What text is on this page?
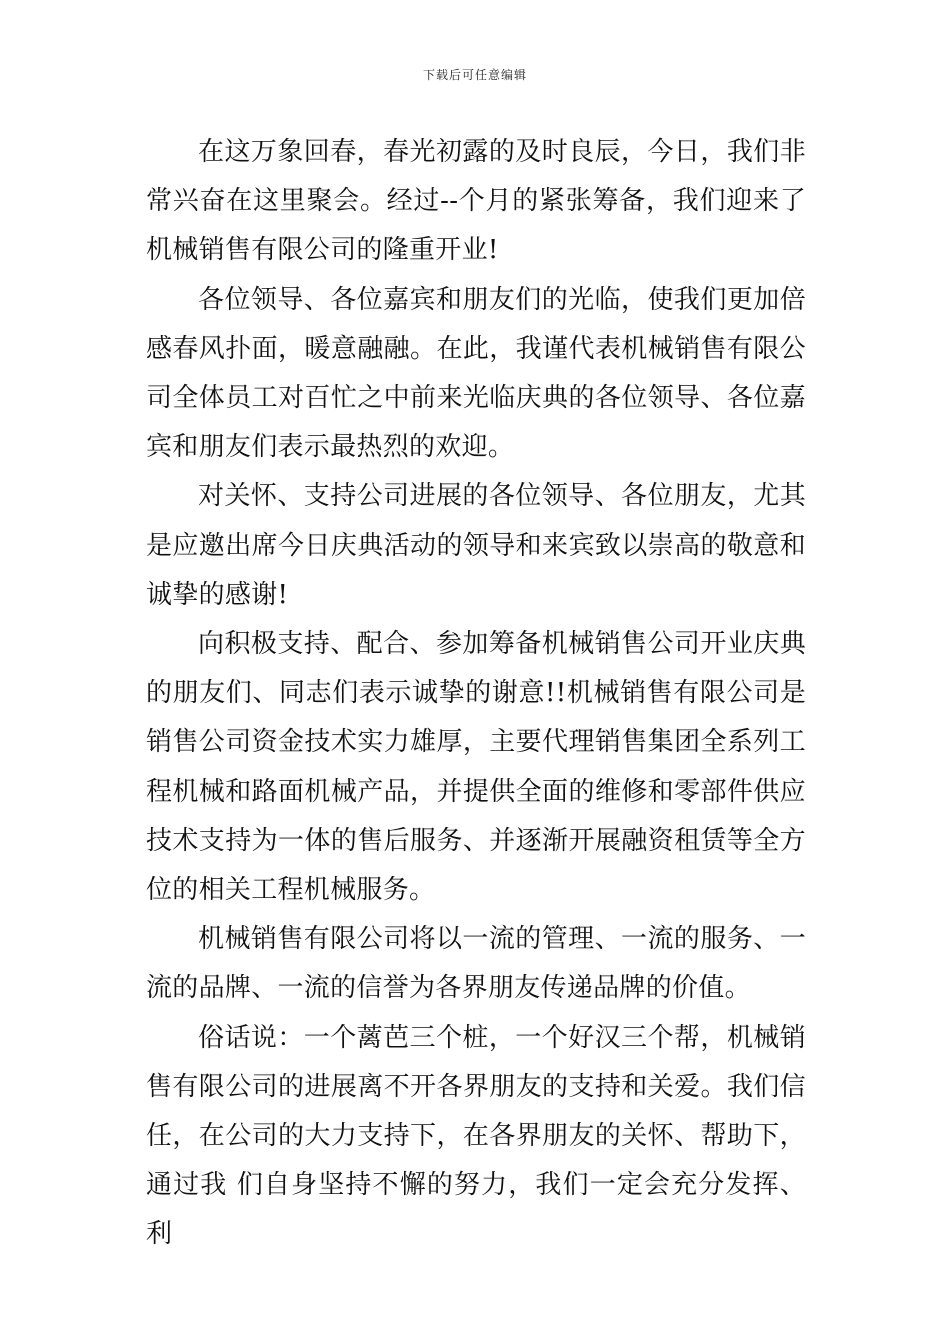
下载后可任意编辑

在这万象回春，春光初露的及时良辰，今日，我们非常兴奋在这里聚会。经过--个月的紧张筹备，我们迎来了机械销售有限公司的隆重开业!

各位领导、各位嘉宾和朋友们的光临，使我们更加倍感春风扑面，暖意融融。在此，我谨代表机械销售有限公司全体员工对百忙之中前来光临庆典的各位领导、各位嘉宾和朋友们表示最热烈的欢迎。

对关怀、支持公司进展的各位领导、各位朋友，尤其是应邀出席今日庆典活动的领导和来宾致以崇高的敬意和诚挚的感谢!

向积极支持、配合、参加筹备机械销售公司开业庆典的朋友们、同志们表示诚挚的谢意!!机械销售有限公司是销售公司资金技术实力雄厚，主要代理销售集团全系列工程机械和路面机械产品，并提供全面的维修和零部件供应技术支持为一体的售后服务、并逐渐开展融资租赁等全方位的相关工程机械服务。

机械销售有限公司将以一流的管理、一流的服务、一流的品牌、一流的信誉为各界朋友传递品牌的价值。

俗话说：一个蓠芭三个桩，一个好汉三个帮，机械销售有限公司的进展离不开各界朋友的支持和关爱。我们信任，在公司的大力支持下，在各界朋友的关怀、帮助下，通过我 们自身坚持不懈的努力，我们一定会充分发挥、利
